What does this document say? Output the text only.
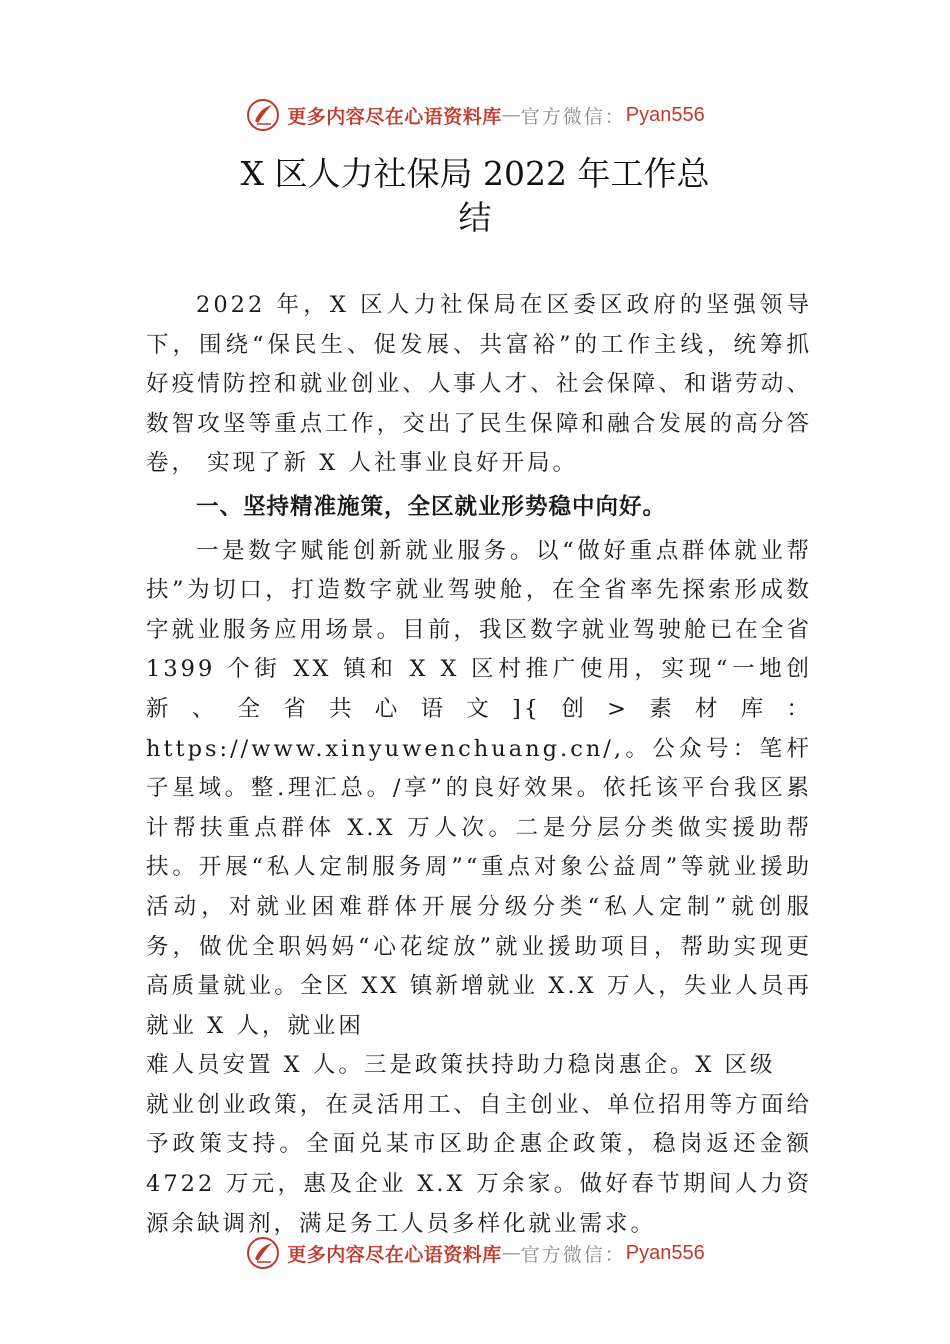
更多内容尽在心语资料库 — 官方微信： Pyan556
X 区人力社保局 2022 年工作总
结

2022 年，X 区人力社保局在区委区政府的坚强领导下，围绕“保民生、促发展、共富裕”的工作主线，统筹抓好疫情防控和就业创业、人事人才、社会保障、和谐劳动、数智攻坚等重点工作，交出了民生保障和融合发展的高分答卷， 实现了新 X 人社事业良好开局。

一、坚持精准施策，全区就业形势稳中向好。

一是数字赋能创新就业服务。以“做好重点群体就业帮扶”为切口，打造数字就业驾驶舱，在全省率先探索形成数字就业服务应用场景。目前，我区数字就业驾驶舱已在全省 1399 个街 XX 镇和 X X 区村推广使用，实现“一地创新、全省共心语文]{创>素材库：https://www.xinyuwenchuang.cn/,。公众号：笔杆子星域。整.理汇总。/享”的良好效果。依托该平台我区累计帮扶重点群体 X.X 万人次。二是分层分类做实援助帮扶。开展“私人定制服务周”“重点对象公益周”等就业援助活动，对就业困难群体开展分级分类“私人定制”就创服务，做优全职妈妈“心花绽放”就业援助项目，帮助实现更高质量就业。全区 XX 镇新增就业 X.X 万人，失业人员再就业 X 人，就业困

难人员安置 X 人。三是政策扶持助力稳岗惠企。X 区级
就业创业政策，在灵活用工、自主创业、单位招用等方面给予政策支持。全面兑某市区助企惠企政策，稳岗返还金额 4722 万元，惠及企业 X.X 万余家。做好春节期间人力资源余缺调剂，满足务工人员多样化就业需求。

更多内容尽在心语资料库 — 官方微信： Pyan556
